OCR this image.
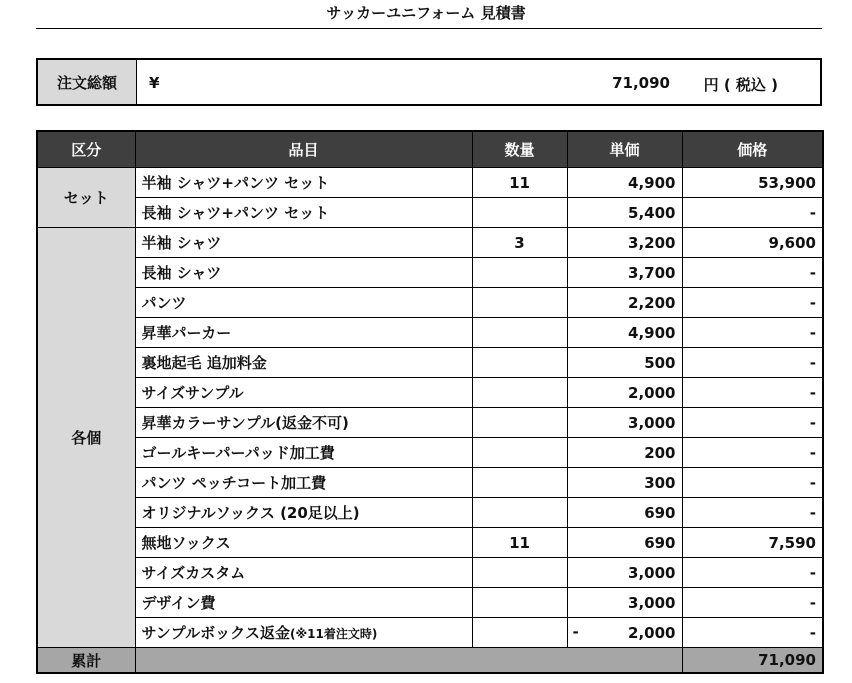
サッカーユニフォーム 見積書
注文総額	¥	71,090 円 ( 税込 )
区分	品目	数量	単価	価格
セット	半袖 シャツ+パンツ セット	11	4,900	53,900
	長袖 シャツ+パンツ セット		5,400	-
各個	半袖 シャツ	3	3,200	9,600
	長袖 シャツ		3,700	-
	パンツ		2,200	-
	昇華パーカー		4,900	-
	裏地起毛 追加料金		500	-
	サイズサンプル		2,000	-
	昇華カラーサンプル(返金不可)		3,000	-
	ゴールキーパーパッド加工費		200	-
	パンツ ペッチコート加工費		300	-
	オリジナルソックス (20足以上)		690	-
	無地ソックス	11	690	7,590
	サイズカスタム		3,000	-
	デザイン費		3,000	-
	サンプルボックス返金(※11着注文時)		- 2,000	-
累計				71,090
